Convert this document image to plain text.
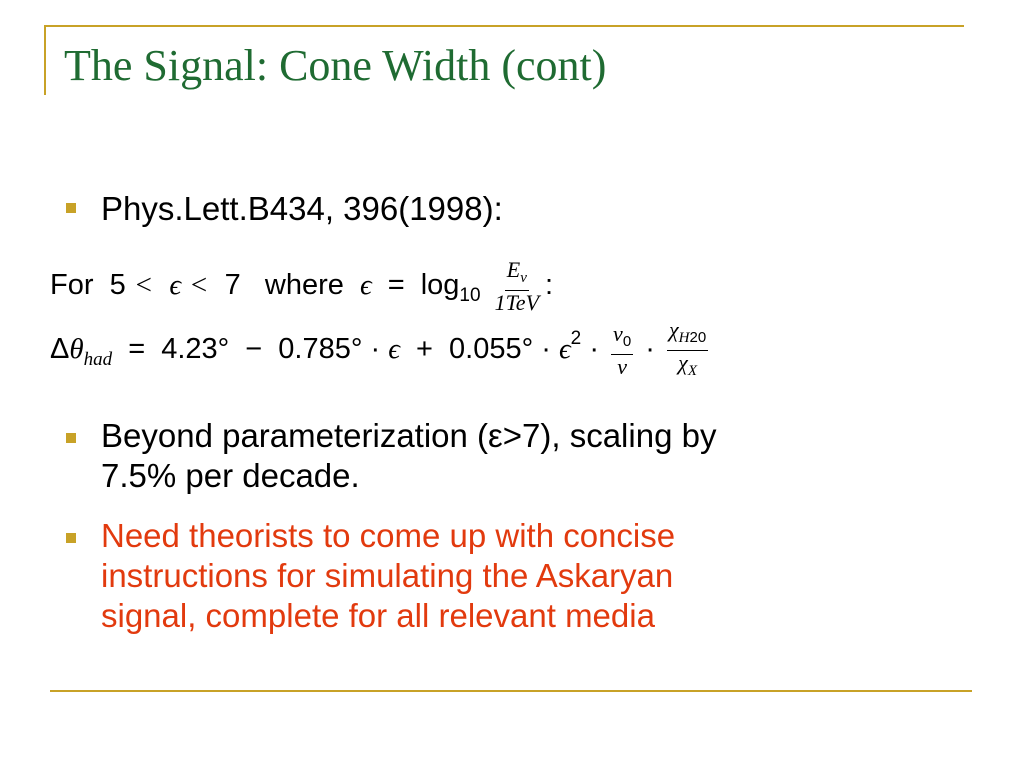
The Signal: Cone Width (cont)
Phys.Lett.B434, 396(1998):
For 5 < ϵ < 7 where $\epsilon = \log_{10} \frac{E_\nu}{\text{1TeV}}$ :
$\Delta\theta_{had} = 4.23^\circ - 0.785^\circ \cdot \epsilon + 0.055^\circ \cdot \epsilon^2 \cdot \frac{\nu_0}{\nu} \cdot \frac{\chi_{H20}}{\chi_X}$
Beyond parameterization (ε>7), scaling by
7.5% per decade.
Need theorists to come up with concise
instructions for simulating the Askaryan
signal, complete for all relevant media
